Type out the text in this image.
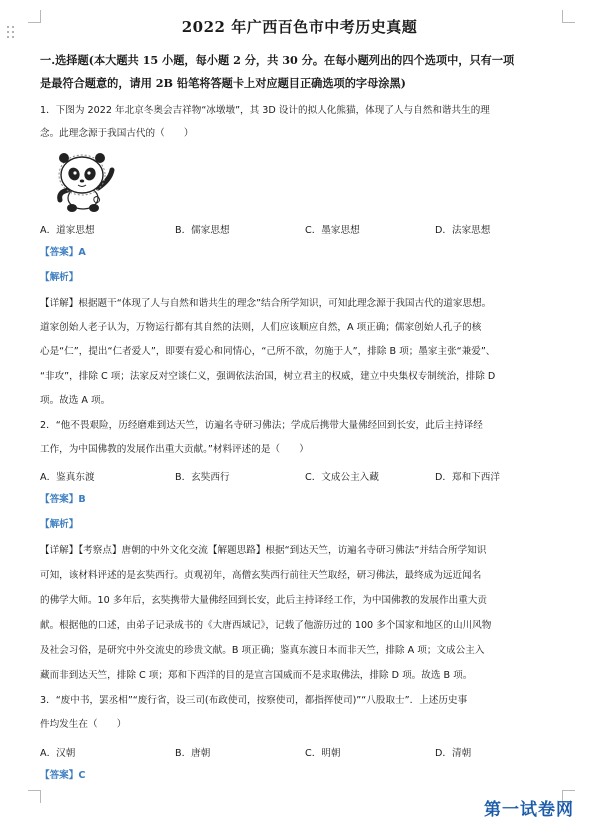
2022 年广西百色市中考历史真题
一.选择题(本大题共 15 小题，每小题 2 分，共 30 分。在每小题列出的四个选项中，只有一项
是最符合题意的，请用 2B 铅笔将答题卡上对应题目正确选项的字母涂黑)
1．下图为 2022 年北京冬奥会吉祥物“冰墩墩”，其 3D 设计的拟人化熊猫，体现了人与自然和谐共生的理
念。此理念源于我国古代的（　　）
A．道家思想	B．儒家思想	C．墨家思想	D．法家思想
【答案】A
【解析】
【详解】根据题干“体现了人与自然和谐共生的理念”结合所学知识，可知此理念源于我国古代的道家思想。
道家创始人老子认为，万物运行都有其自然的法则，人们应该顺应自然，A 项正确；儒家创始人孔子的核
心是“仁”，提出“仁者爱人”，即要有爱心和同情心，“己所不欲，勿施于人”，排除 B 项；墨家主张“兼爱”、
“非攻”，排除 C 项；法家反对空谈仁义，强调依法治国，树立君主的权威，建立中央集权专制统治，排除 D
项。故选 A 项。
2．“他不畏艰险，历经磨难到达天竺，访遍名寺研习佛法；学成后携带大量佛经回到长安，此后主持译经
工作，为中国佛教的发展作出重大贡献。”材料评述的是（　　）
A．鉴真东渡	B．玄奘西行	C．文成公主入藏	D．郑和下西洋
【答案】B
【解析】
【详解】【考察点】唐朝的中外文化交流【解题思路】根据“到达天竺，访遍名寺研习佛法”并结合所学知识
可知，该材料评述的是玄奘西行。贞观初年，高僧玄奘西行前往天竺取经，研习佛法，最终成为远近闻名
的佛学大师。10 多年后，玄奘携带大量佛经回到长安，此后主持译经工作，为中国佛教的发展作出重大贡
献。根据他的口述，由弟子记录成书的《大唐西域记》，记载了他游历过的 100 多个国家和地区的山川风物
及社会习俗，是研究中外交流史的珍贵文献。B 项正确；鉴真东渡日本而非天竺，排除 A 项；文成公主入
藏而非到达天竺，排除 C 项；郑和下西洋的目的是宣言国威而不是求取佛法，排除 D 项。故选 B 项。
3．“废中书，罢丞相”“废行省，设三司(布政使司，按察使司，都指挥使司)”“八股取士”．上述历史事
件均发生在（　　）
A．汉朝	B．唐朝	C．明朝	D．清朝
【答案】C
第一试卷网
